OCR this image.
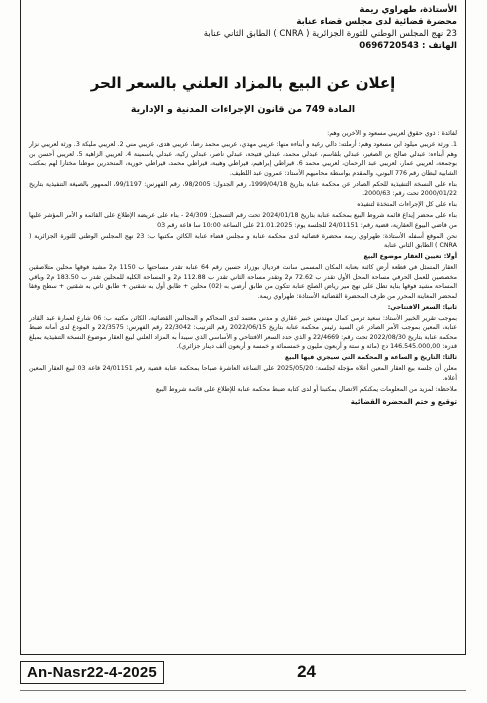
الأستاذة، طهراوي ريمة
محضرة قضائية لدى مجلس قضاء عنابة
23 نهج المجلس الوطني للثورة الجزائرية ( CNRA ) الطابق الثاني عنابة
الهاتف : 0696720543
إعلان عن البيع بالمزاد العلني بالسعر الحر
المادة 749 من قانون الإجراءات المدنية و الإدارية

لفائدة : ذوي حقوق لعريبي مسعود و الآخرين وهم:

1. ورثة عريبي ميلود ابن مسعود وهم: أرملته: دالي رغية و أبناءه منها: عريبي مهدي، عريبي محمد رضا، عريبي هدى، عريبي مني 2. لعريبي مليكة 3. ورثة لعريبي نزار وهم أبناءه: عبدلي صالح بن الصغير، عبدلي بلقاسم، عبدلي محمد، عبدلي فتيحة، عبدلي ناصر، عبدلي زكية، عبدلي ياسمينة 4. لعريبي الزاهية 5. لعريبي أحسن بن بوجمعة، لعريبي عمار، لعريبي عبد الرحمان، لعريبي محمد 6. قيراطي إبراهيم، قيراطي وهيبة، قيراطي محمد، قيراطي حورية، المنحدرين موطنا مختارا لهم بمكتب الشابية لبطان رقم 776 البوني، والمقدم بواسطة محاميهم الأستاذ: عمرون عبد اللطيف.

بناء على النسخة التنفيذية للحكم الصادر عن محكمة عنابة بتاريخ 1999/04/18، رقم الجدول: 98/2005، رقم الفهرس: 99/1197، الممهور بالصيغة التنفيذية بتاريخ 2000/01/22 تحت رقم: 2000/63.

بناء على كل الإجراءات المتخذة لتنفيذه

بناء على محضر إيداع قائمة شروط البيع بمحكمة عنابة بتاريخ 2024/01/18 تحت رقم التسجيل: 24/309 - بناء على عريضة الإطلاع على القائمة و الأمر المؤشر عليها من قاضي البيوع العقارية، قضية رقم: 24/01151 للجلسة يوم: 21.01.2025 على الساعة 10:00 سا قاعة رقم 03

نحن الموقع أسفله الأستاذة: طهراوي ريمة محضرة قضائية لدى محكمة عنابة و مجلس قضاء عنابة الكائن مكتبها ب: 23 نهج المجلس الوطني للثورة الجزائرية ( CNRA ) الطابق الثاني عنابة

أولا: تعيين العقار موضوع البيع

العقار المتمثل في قطعة أرض كائنة بعنابة المكان المسمى سانت فرديال بوزراد حسين رقم 64 عنابة تقدر مساحتها ب 1150 م2 مشيد فوقها محلين متلاصقين مخصصين للعمل الحرفي مساحة المحل الأول تقدر ب 72.62 م2 وتقدر مساحة الثاني تقدر ب 112.88 م2 و المساحة الكلية للمحلين تقدر ب 183.50 م2 وباقي المساحة مشيد فوقها بناية تطل على نهج مير رياض الصلح عنابة تتكون من طابق أرضي به (02) محلين + طابق أول به شقتين + طابق ثاني به شقتين + سطح وفقا لمحضر المعاينة المحرر من طرف المحضرة القضائية الأستاذة: طهراوي ريمة.

ثانيا: السعر الافتتاحي:

بموجب تقرير الخبير الأستاذ: سعيد ترمي كمال مهندس خبير عقاري و مدني معتمد لدى المحاكم و المجالس القضائية، الكائن مكتبه ب: 06 شارع لعمارة عبد القادر عنابة، المعين بموجب الأمر الصادر عن السيد رئيس محكمة عنابة بتاريخ 2022/06/15 رقم الترتيب: 22/3042 رقم الفهرس: 22/3575 و المودع لدى أمانة ضبط محكمة عنابة بتاريخ 2022/08/30 تحت رقم: 22/4669 و الذي حدد السعر الافتتاحي و الأساسي الذي سيبدأ به المزاد العلني لبيع العقار موضوع النسخة التنفيذية بمبلغ قدره: 146.545.000,00 دج (مائة و ستة و أربعون مليون و خمسمائة و خمسة و أربعون ألف دينار جزائري).

ثالثا: التاريخ و الساعة و المحكمة التي سيجري فيها البيع

معلن أن جلسة بيع العقار المعين أعلاه مؤجلة لجلسة: 2025/05/20 على الساعة العاشرة صباحا بمحكمة عنابة قضية رقم 24/01151 قاعة 03 لبيع العقار المعين أعلاه.

ملاحظة: لمزيد من المعلومات يمكنكم الاتصال بمكتبنا أو لدى كتابة ضبط محكمة عنابة للإطلاع على قائمة شروط البيع

توقيع و ختم المحضرة القضائية
An-Nasr22-4-2025	24
